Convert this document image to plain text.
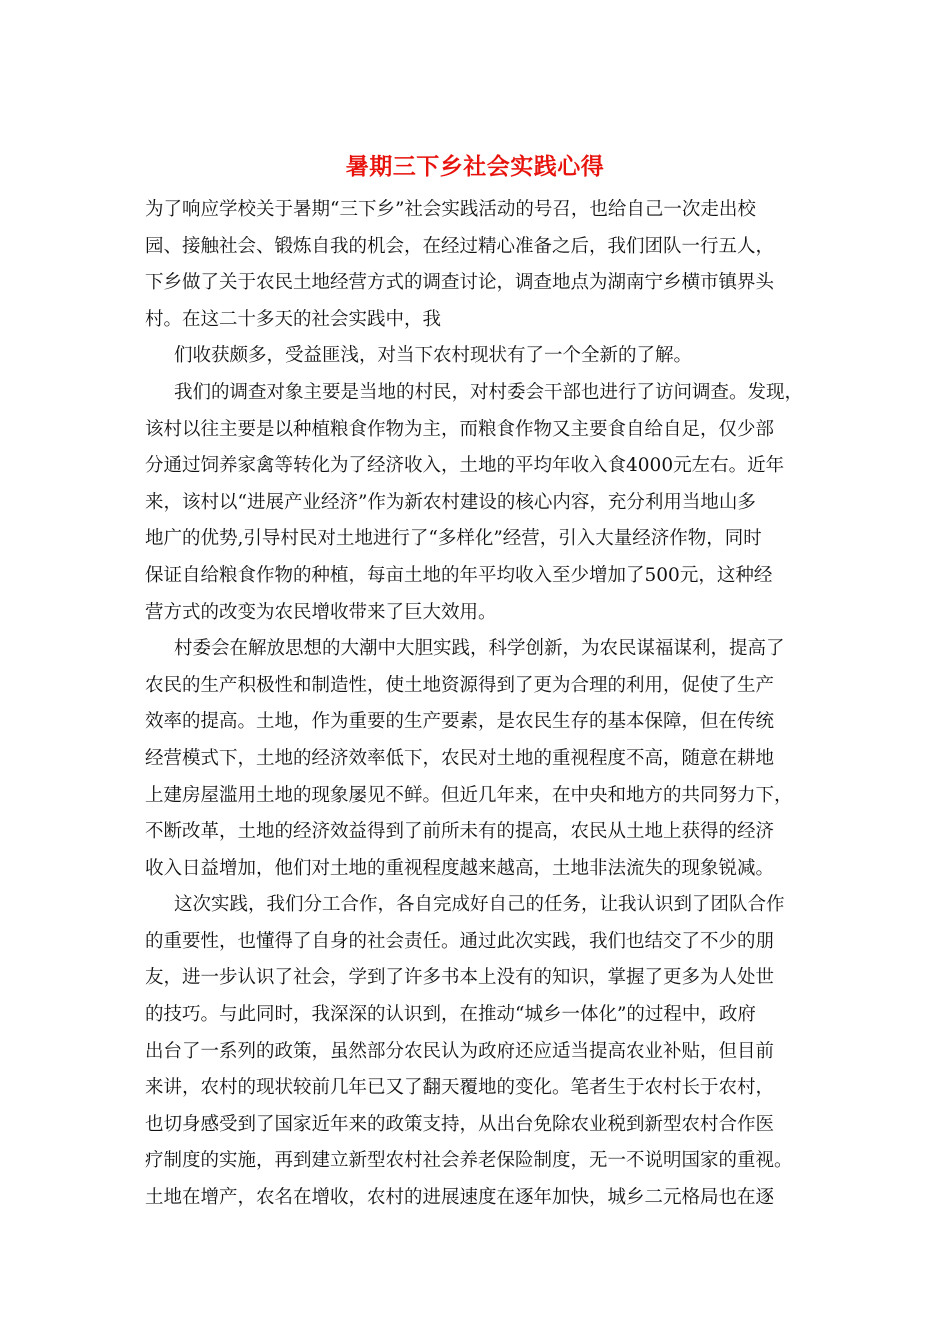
暑期三下乡社会实践心得
为了响应学校关于暑期“三下乡”社会实践活动的号召，也给自己一次走出校
园、接触社会、锻炼自我的机会，在经过精心准备之后，我们团队一行五人，
下乡做了关于农民土地经营方式的调查讨论，调查地点为湖南宁乡横市镇界头
村。在这二十多天的社会实践中，我
们收获颇多，受益匪浅，对当下农村现状有了一个全新的了解。
我们的调查对象主要是当地的村民，对村委会干部也进行了访问调查。发现，
该村以往主要是以种植粮食作物为主，而粮食作物又主要食自给自足，仅少部
分通过饲养家禽等转化为了经济收入，土地的平均年收入食4000元左右。近年
来，该村以“进展产业经济”作为新农村建设的核心内容，充分利用当地山多
地广的优势,引导村民对土地进行了“多样化”经营，引入大量经济作物，同时
保证自给粮食作物的种植，每亩土地的年平均收入至少增加了500元，这种经
营方式的改变为农民增收带来了巨大效用。
村委会在解放思想的大潮中大胆实践，科学创新，为农民谋福谋利，提高了
农民的生产积极性和制造性，使土地资源得到了更为合理的利用，促使了生产
效率的提高。土地，作为重要的生产要素，是农民生存的基本保障，但在传统
经营模式下，土地的经济效率低下，农民对土地的重视程度不高，随意在耕地
上建房屋滥用土地的现象屡见不鲜。但近几年来，在中央和地方的共同努力下，
不断改革，土地的经济效益得到了前所未有的提高，农民从土地上获得的经济
收入日益增加，他们对土地的重视程度越来越高，土地非法流失的现象锐减。
这次实践，我们分工合作，各自完成好自己的任务，让我认识到了团队合作
的重要性，也懂得了自身的社会责任。通过此次实践，我们也结交了不少的朋
友，进一步认识了社会，学到了许多书本上没有的知识，掌握了更多为人处世
的技巧。与此同时，我深深的认识到，在推动“城乡一体化”的过程中，政府
出台了一系列的政策，虽然部分农民认为政府还应适当提高农业补贴，但目前
来讲，农村的现状较前几年已又了翻天覆地的变化。笔者生于农村长于农村，
也切身感受到了国家近年来的政策支持，从出台免除农业税到新型农村合作医
疗制度的实施，再到建立新型农村社会养老保险制度，无一不说明国家的重视。
土地在增产，农名在增收，农村的进展速度在逐年加快，城乡二元格局也在逐
